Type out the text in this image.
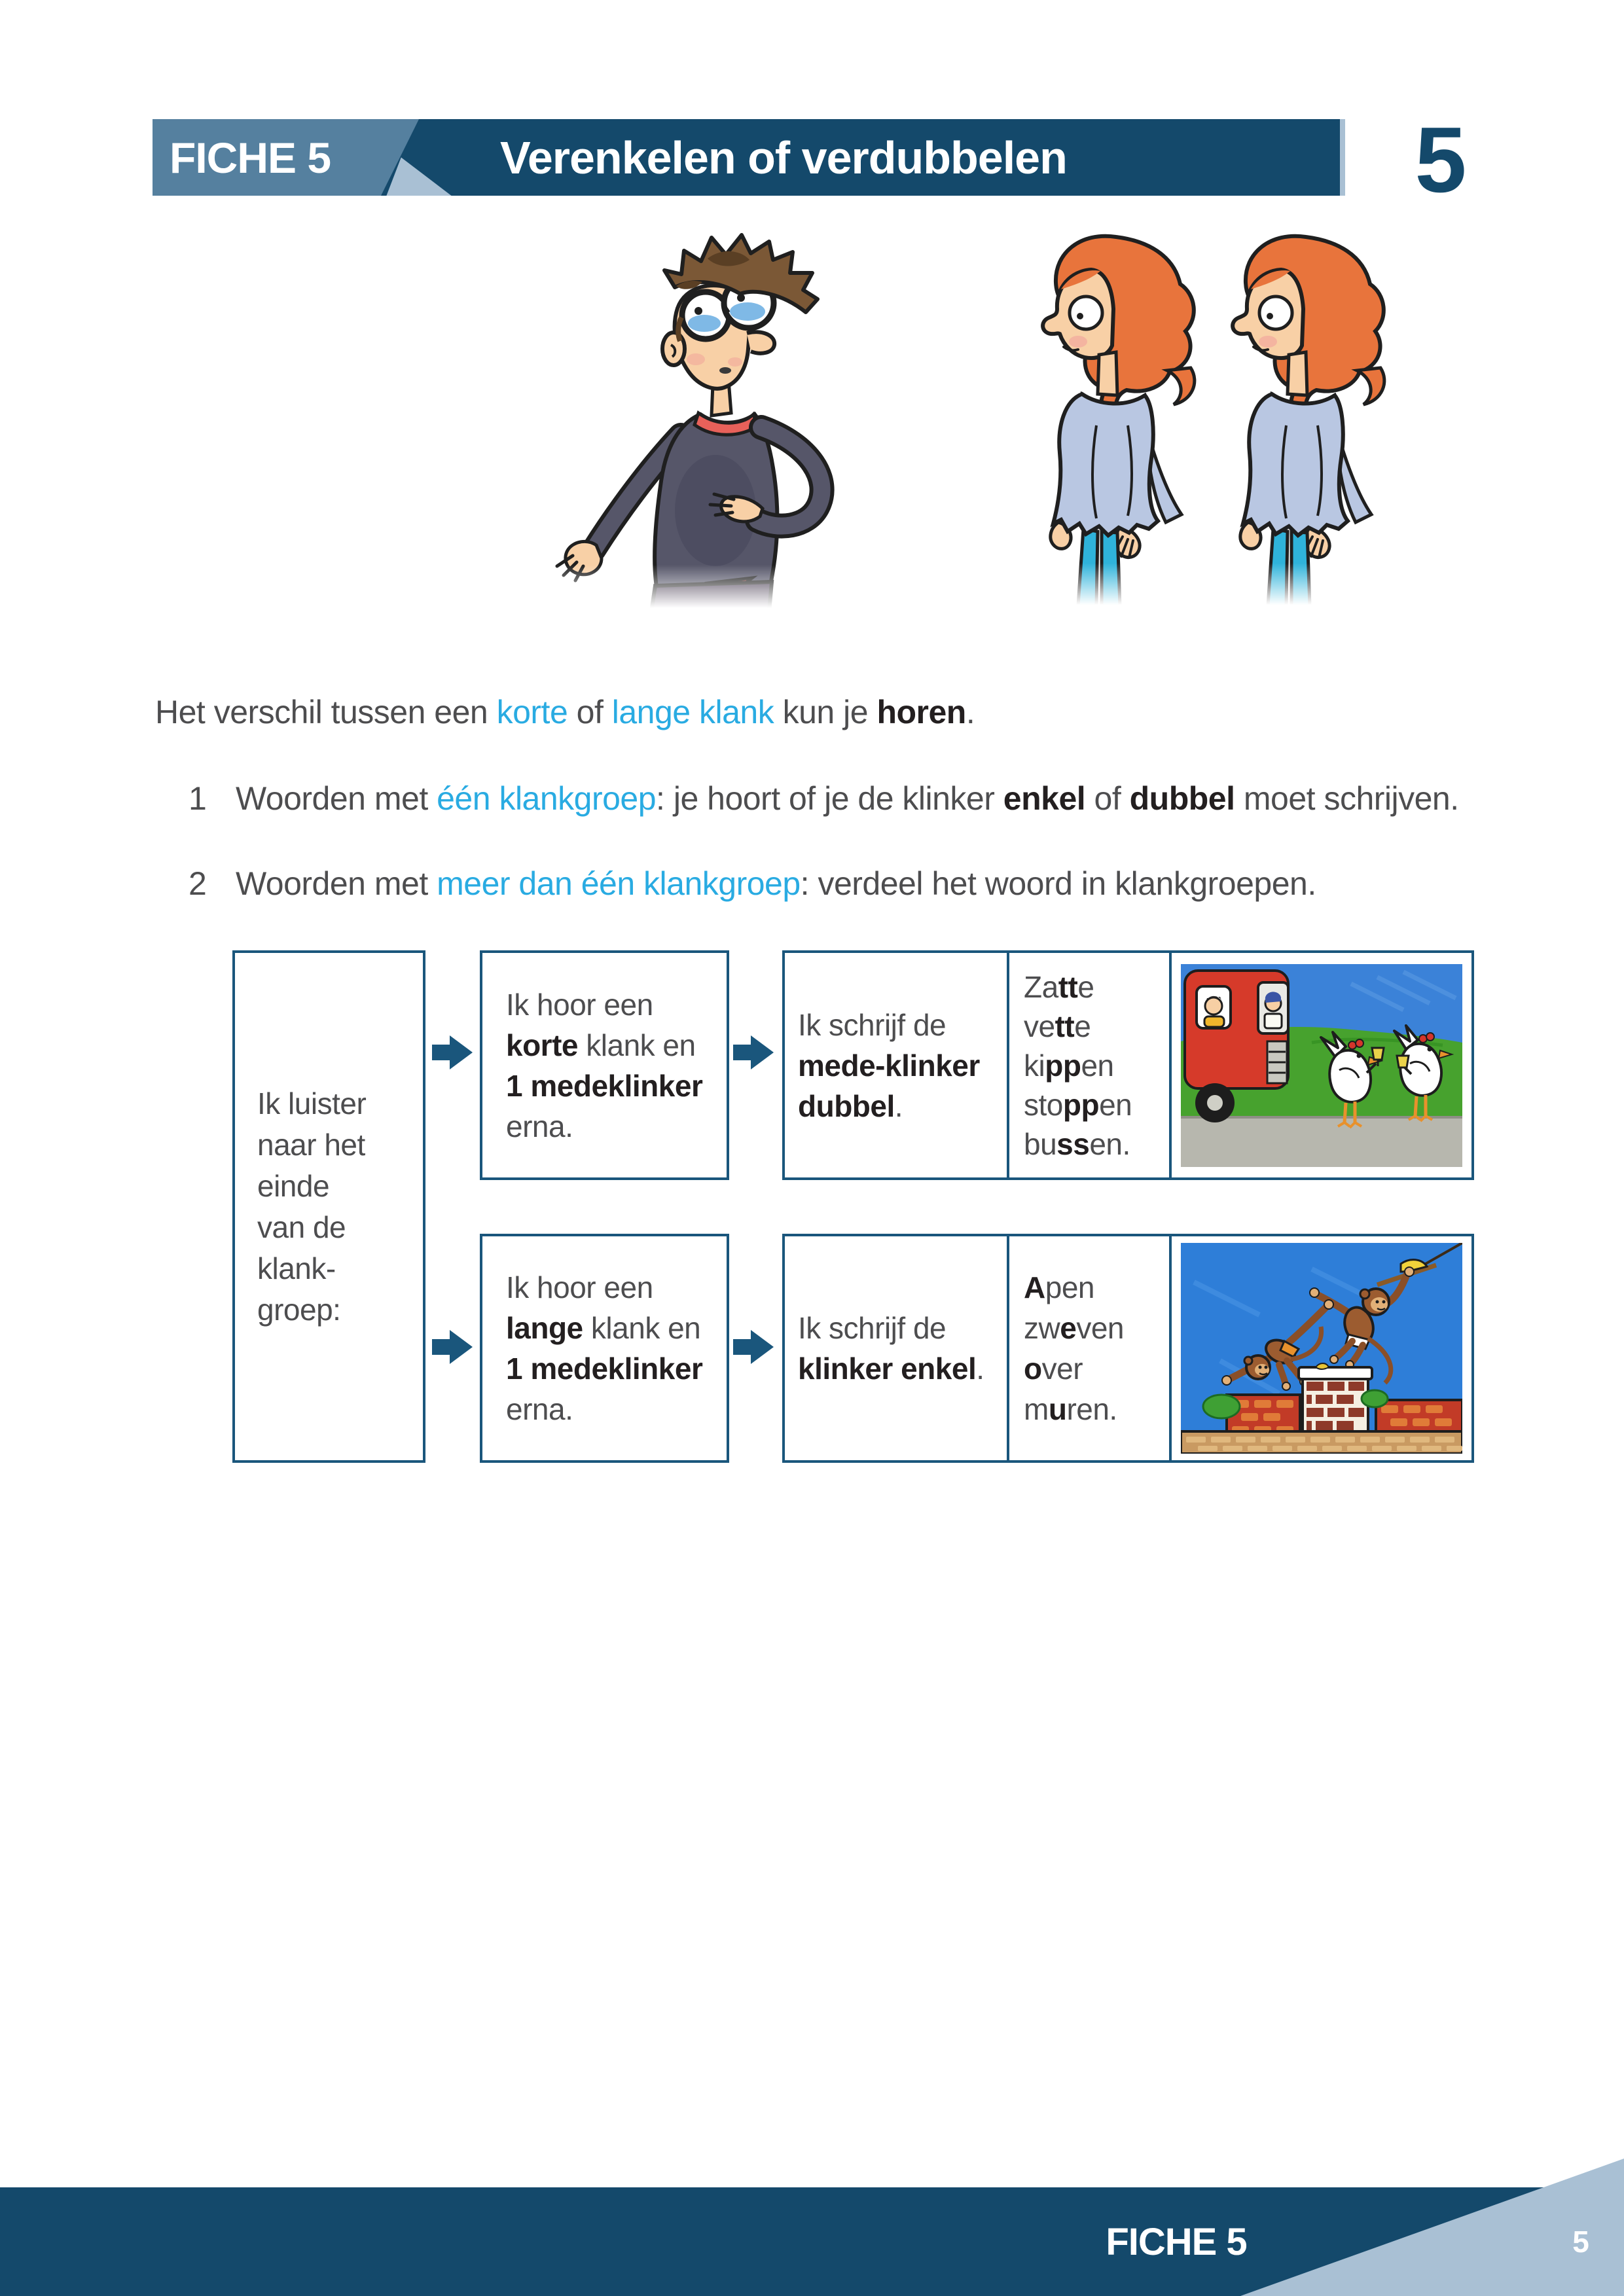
FICHE 5	Verenkelen of verdubbelen	5
Het verschil tussen een korte of lange klank kun je horen.
1 Woorden met één klankgroep: je hoort of je de klinker enkel of dubbel moet schrijven.
2 Woorden met meer dan één klankgroep: verdeel het woord in klankgroepen.
Ik luister
naar het
einde
van de
klank-
groep:
Ik hoor een
korte klank en
1 medeklinker
erna.
Ik hoor een
lange klank en
1 medeklinker
erna.
Ik schrijf de
mede-klinker
dubbel.
Zatte
vette
kippen
stoppen
bussen.
Ik schrijf de
klinker enkel.
Apen
zweven
over
muren.
FICHE 5	5
